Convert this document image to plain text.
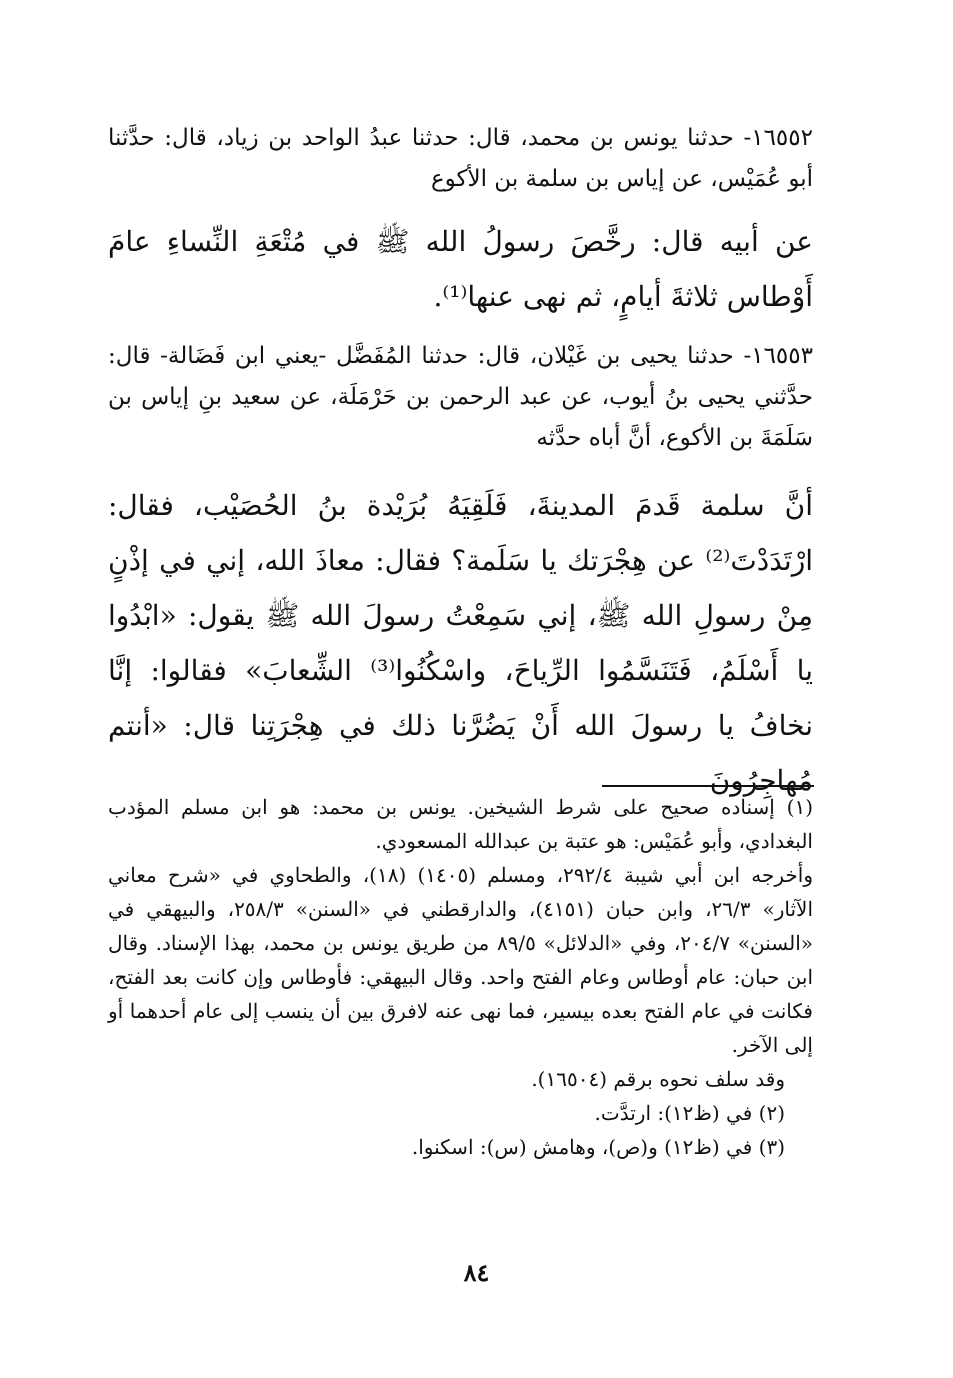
١٦٥٥٢- حدثنا يونس بن محمد، قال: حدثنا عبدُ الواحد بن زياد، قال: حدَّثنا أبو عُمَيْس، عن إياس بن سلمة بن الأكوع

عن أبيه قال: رخَّصَ رسولُ الله ﷺ في مُتْعَةِ النِّساءِ عامَ أَوْطاس ثلاثةَ أيامٍ، ثم نهى عنها⁽¹⁾.

١٦٥٥٣- حدثنا يحيى بن غَيْلان، قال: حدثنا المُفَضَّل -يعني ابن فَضَالة- قال: حدَّثني يحيى بنُ أيوب، عن عبد الرحمن بن حَرْمَلَة، عن سعيد بنِ إياس بن سَلَمَةَ بن الأكوع، أنَّ أباه حدَّثه

أنَّ سلمة قَدمَ المدينةَ، فَلَقِيَهُ بُرَيْدة بنُ الحُصَيْب، فقال: ارْتَدَدْتَ⁽²⁾ عن هِجْرَتك يا سَلَمة؟ فقال: معاذَ الله، إني في إذْنٍ مِنْ رسولِ الله ﷺ، إني سَمِعْتُ رسولَ الله ﷺ يقول: «ابْدُوا يا أَسْلَمُ، فَتَنَسَّمُوا الرِّياحَ، واسْكُنُوا⁽³⁾ الشِّعابَ» فقالوا: إنَّا نخافُ يا رسولَ الله أَنْ يَضُرَّنا ذلك في هِجْرَتِنا قال: «أنتم مُهاجِرُونَ

(١) إسناده صحيح على شرط الشيخين. يونس بن محمد: هو ابن مسلم المؤدب البغدادي، وأبو عُمَيْس: هو عتبة بن عبدالله المسعودي.

وأخرجه ابن أبي شيبة ٢٩٢/٤، ومسلم (١٤٠٥) (١٨)، والطحاوي في «شرح معاني الآثار» ٢٦/٣، وابن حبان (٤١٥١)، والدارقطني في «السنن» ٢٥٨/٣، والبيهقي في «السنن» ٢٠٤/٧، وفي «الدلائل» ٨٩/٥ من طريق يونس بن محمد، بهذا الإسناد. وقال ابن حبان: عام أوطاس وعام الفتح واحد. وقال البيهقي: فأوطاس وإن كانت بعد الفتح، فكانت في عام الفتح بعده بيسير، فما نهى عنه لافرق بين أن ينسب إلى عام أحدهما أو إلى الآخر.

وقد سلف نحوه برقم (١٦٥٠٤).

(٢) في (ظ١٢): ارتدَّت.

(٣) في (ظ١٢) و(ص)، وهامش (س): اسكنوا.

٨٤
